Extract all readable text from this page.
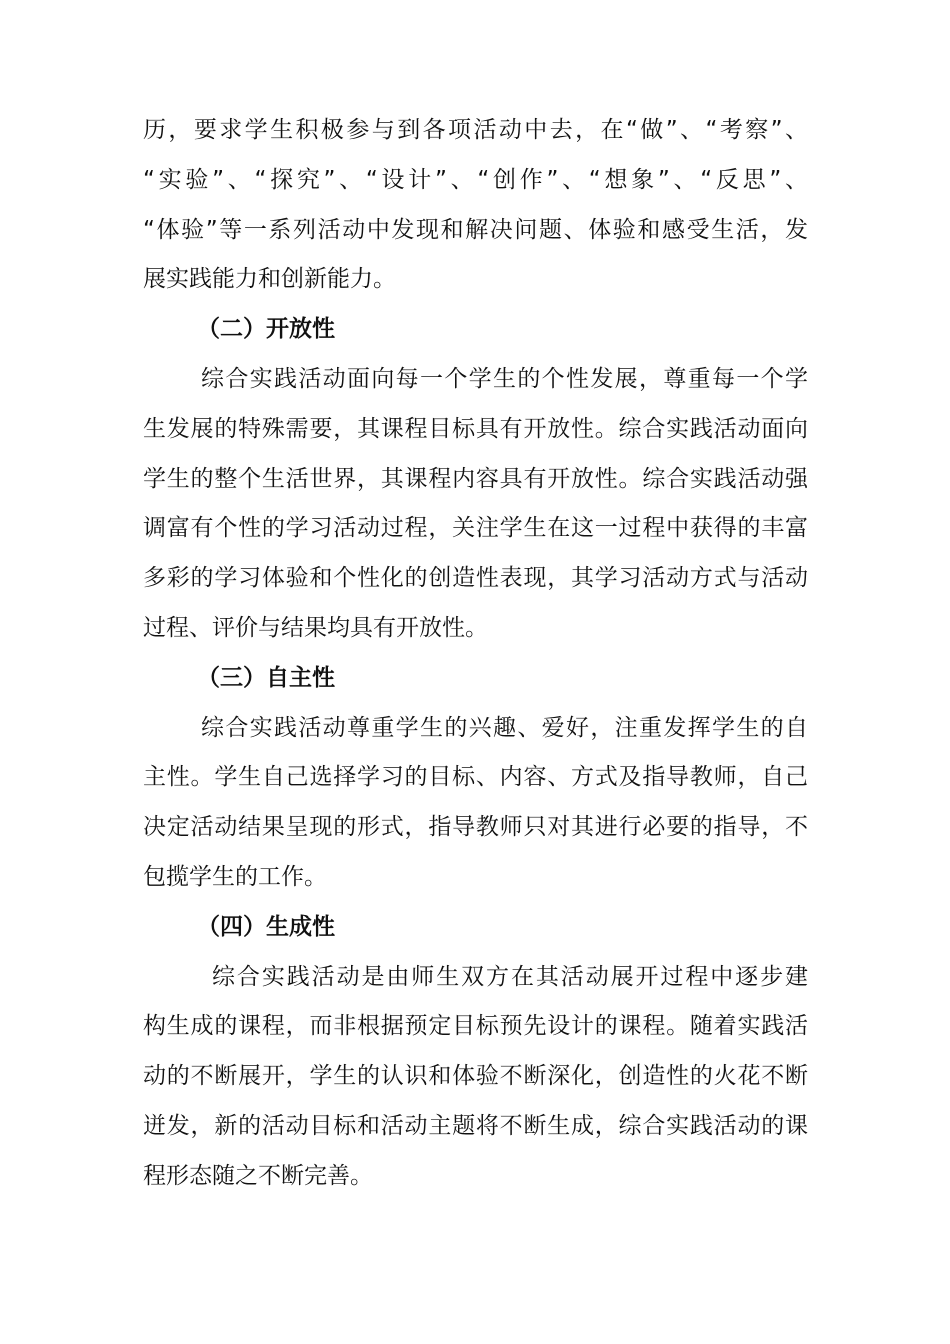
历，要求学生积极参与到各项活动中去，在“做”、“考察”、
“实验”、“探究”、“设计”、“创作”、“想象”、“反思”、
“体验”等一系列活动中发现和解决问题、体验和感受生活，发
展实践能力和创新能力。
（二）开放性
综合实践活动面向每一个学生的个性发展，尊重每一个学
生发展的特殊需要，其课程目标具有开放性。综合实践活动面向
学生的整个生活世界，其课程内容具有开放性。综合实践活动强
调富有个性的学习活动过程，关注学生在这一过程中获得的丰富
多彩的学习体验和个性化的创造性表现，其学习活动方式与活动
过程、评价与结果均具有开放性。
（三）自主性
综合实践活动尊重学生的兴趣、爱好，注重发挥学生的自
主性。学生自己选择学习的目标、内容、方式及指导教师，自己
决定活动结果呈现的形式，指导教师只对其进行必要的指导，不
包揽学生的工作。
（四）生成性
综合实践活动是由师生双方在其活动展开过程中逐步建
构生成的课程，而非根据预定目标预先设计的课程。随着实践活
动的不断展开，学生的认识和体验不断深化，创造性的火花不断
迸发，新的活动目标和活动主题将不断生成，综合实践活动的课
程形态随之不断完善。
